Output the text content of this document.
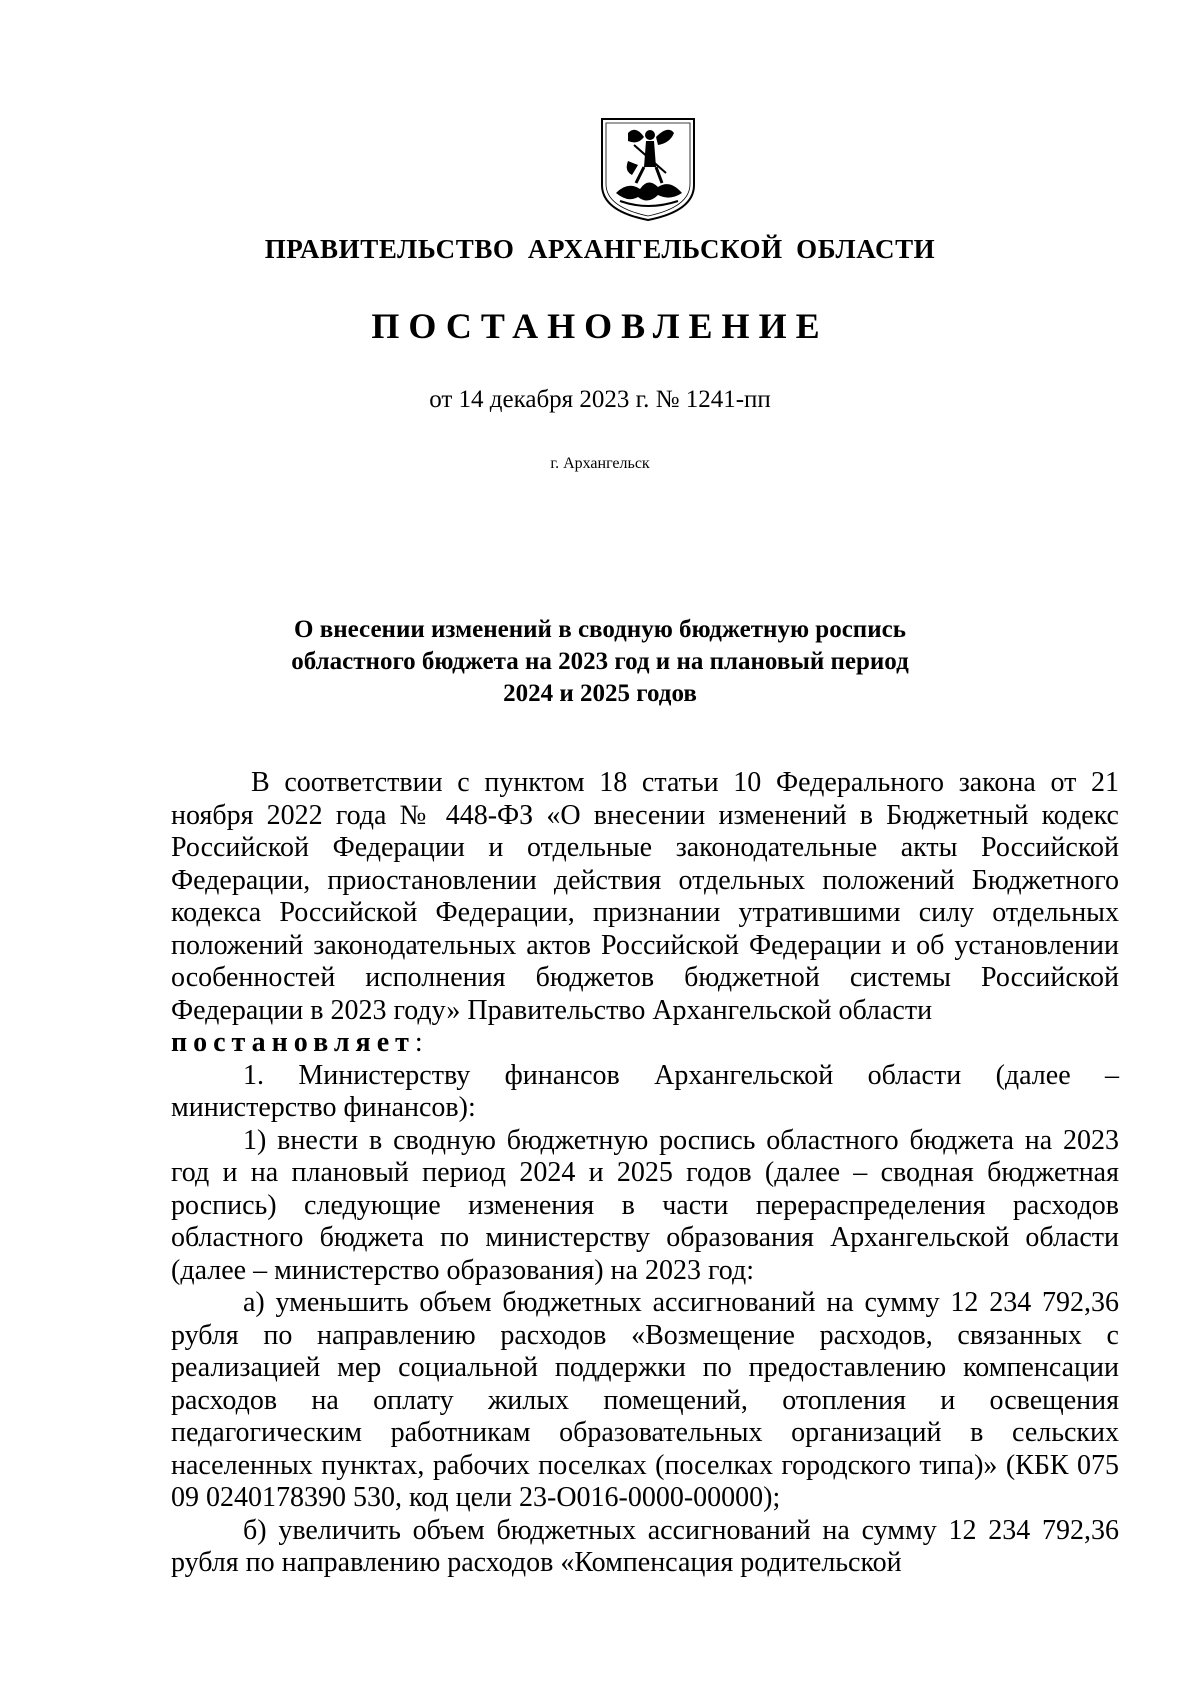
ПРАВИТЕЛЬСТВО АРХАНГЕЛЬСКОЙ ОБЛАСТИ
ПОСТАНОВЛЕНИЕ
от 14 декабря 2023 г. № 1241-пп
г. Архангельск
О внесении изменений в сводную бюджетную роспись
областного бюджета на 2023 год и на плановый период
2024 и 2025 годов

В соответствии с пунктом 18 статьи 10 Федерального закона от 21 ноября 2022 года № 448-ФЗ «О внесении изменений в Бюджетный кодекс Российской Федерации и отдельные законодательные акты Российской Федерации, приостановлении действия отдельных положений Бюджетного кодекса Российской Федерации, признании утратившими силу отдельных положений законодательных актов Российской Федерации и об установлении особенностей исполнения бюджетов бюджетной системы Российской Федерации в 2023 году» Правительство Архангельской области

постановляет:

1. Министерству финансов Архангельской области (далее – министерство финансов):

1) внести в сводную бюджетную роспись областного бюджета на 2023 год и на плановый период 2024 и 2025 годов (далее – сводная бюджетная роспись) следующие изменения в части перераспределения расходов областного бюджета по министерству образования Архангельской области (далее – министерство образования) на 2023 год:

а) уменьшить объем бюджетных ассигнований на сумму 12 234 792,36 рубля по направлению расходов «Возмещение расходов, связанных с реализацией мер социальной поддержки по предоставлению компенсации расходов на оплату жилых помещений, отопления и освещения педагогическим работникам образовательных организаций в сельских населенных пунктах, рабочих поселках (поселках городского типа)» (КБК 075 09 0240178390 530, код цели 23-О016-0000-00000);

б) увеличить объем бюджетных ассигнований на сумму 12 234 792,36 рубля по направлению расходов «Компенсация родительской
